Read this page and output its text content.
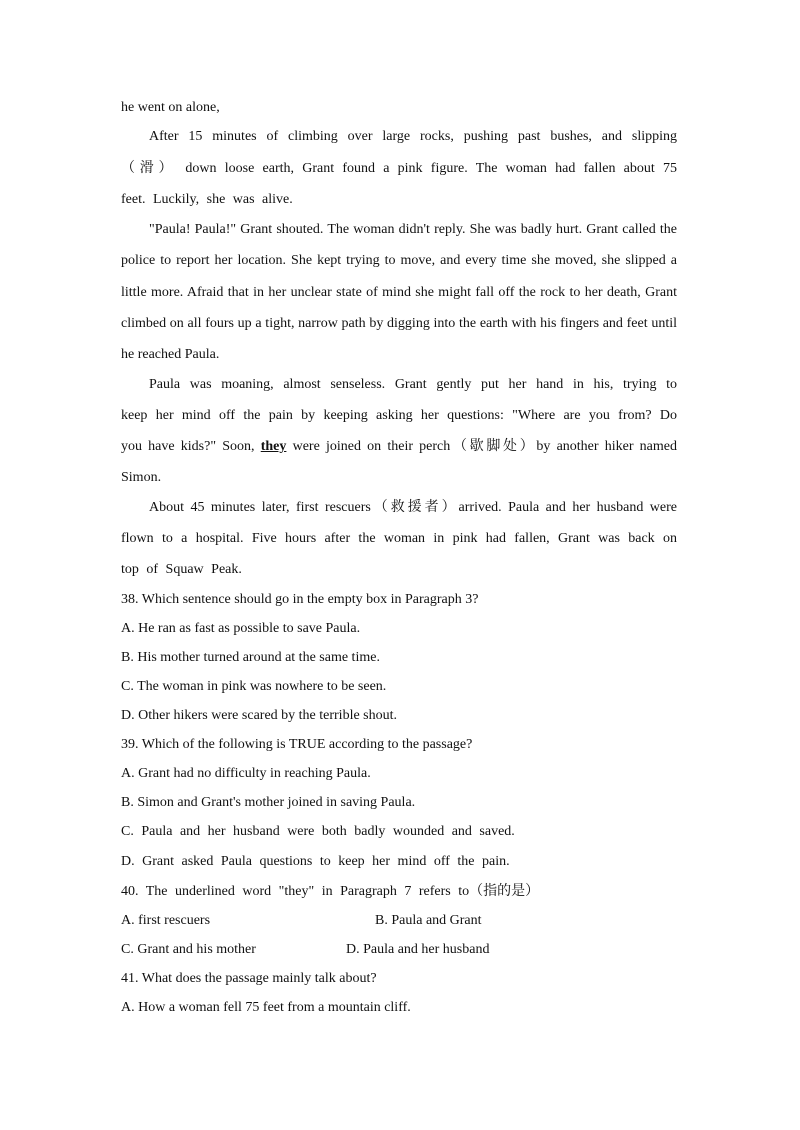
he went on alone,
After 15 minutes of climbing over large rocks, pushing past bushes, and slipping
（滑） down loose earth, Grant found a pink figure. The woman had fallen about 75
feet. Luckily, she was alive.
"Paula! Paula!" Grant shouted. The woman didn't reply. She was badly hurt. Grant called the
police to report her location. She kept trying to move, and every time she moved, she slipped a
little more. Afraid that in her unclear state of mind she might fall off the rock to her death, Grant
climbed on all fours up a tight, narrow path by digging into the earth with his fingers and feet until
he reached Paula.
Paula was moaning, almost senseless. Grant gently put her hand in his, trying to
keep her mind off the pain by keeping asking her questions: "Where are you from? Do
you have kids?" Soon, they were joined on their perch（歇脚处）by another hiker named
Simon.
About 45 minutes later, first rescuers（救援者）arrived. Paula and her husband were
flown to a hospital. Five hours after the woman in pink had fallen, Grant was back on
top of Squaw Peak.
38. Which sentence should go in the empty box in Paragraph 3?
A. He ran as fast as possible to save Paula.
B. His mother turned around at the same time.
C. The woman in pink was nowhere to be seen.
D. Other hikers were scared by the terrible shout.
39. Which of the following is TRUE according to the passage?
A. Grant had no difficulty in reaching Paula.
B. Simon and Grant's mother joined in saving Paula.
C. Paula and her husband were both badly wounded and saved.
D. Grant asked Paula questions to keep her mind off the pain.
40. The underlined word "they" in Paragraph 7 refers to（指的是）
A. first rescuers	B. Paula and Grant
C. Grant and his mother	D. Paula and her husband
41. What does the passage mainly talk about?
A. How a woman fell 75 feet from a mountain cliff.
